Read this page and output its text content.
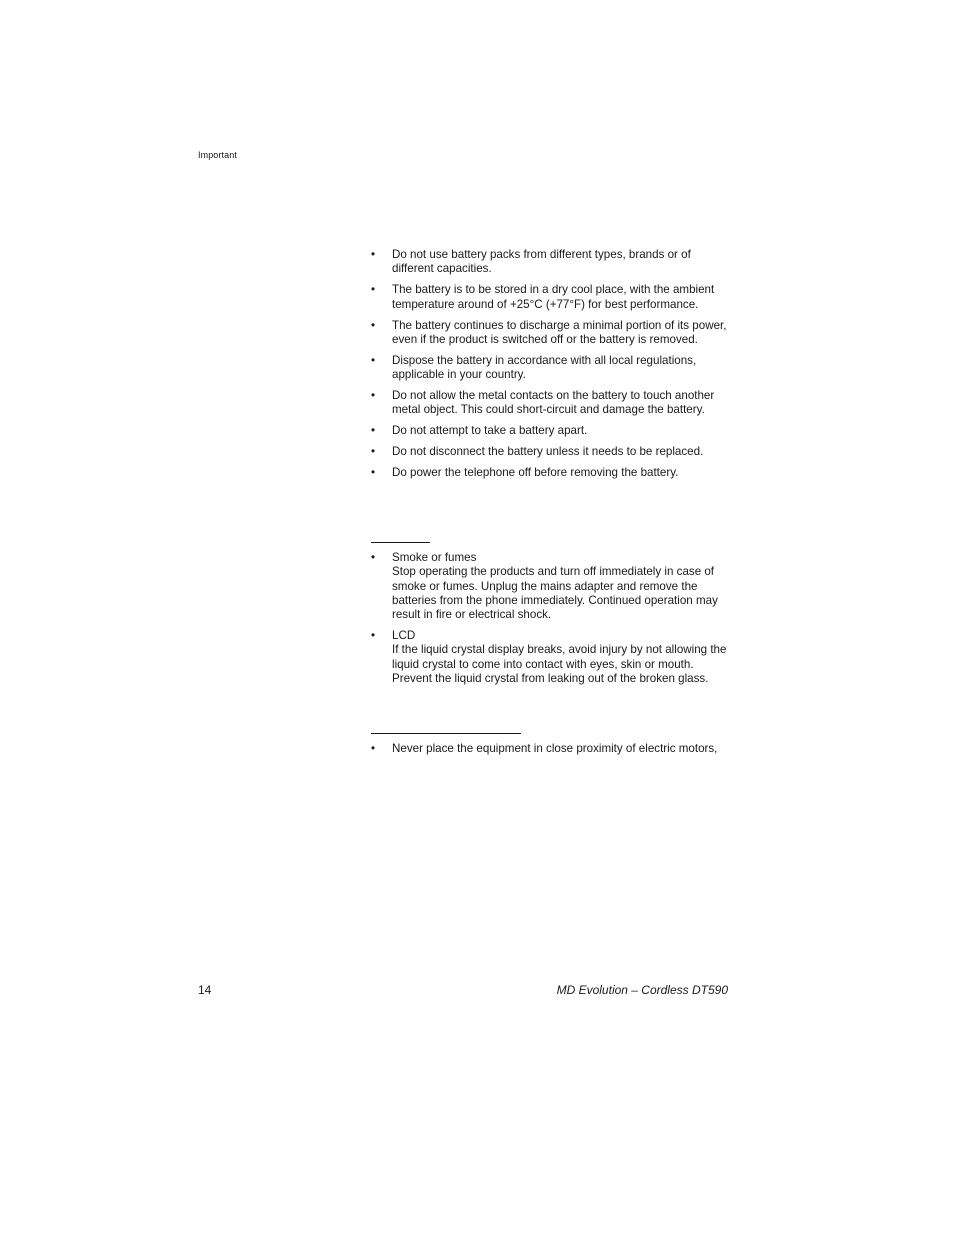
Important
• Do not use battery packs from different types, brands or of different capacities.
• The battery is to be stored in a dry cool place, with the ambient temperature around of +25°C (+77°F) for best performance.
• The battery continues to discharge a minimal portion of its power, even if the product is switched off or the battery is removed.
• Dispose the battery in accordance with all local regulations, applicable in your country.
• Do not allow the metal contacts on the battery to touch another metal object. This could short-circuit and damage the battery.
• Do not attempt to take a battery apart.
• Do not disconnect the battery unless it needs to be replaced.
• Do power the telephone off before removing the battery.
• Smoke or fumes
Stop operating the products and turn off immediately in case of smoke or fumes. Unplug the mains adapter and remove the batteries from the phone immediately. Continued operation may result in fire or electrical shock.
• LCD
If the liquid crystal display breaks, avoid injury by not allowing the liquid crystal to come into contact with eyes, skin or mouth. Prevent the liquid crystal from leaking out of the broken glass.
• Never place the equipment in close proximity of electric motors,
14	MD Evolution – Cordless DT590
